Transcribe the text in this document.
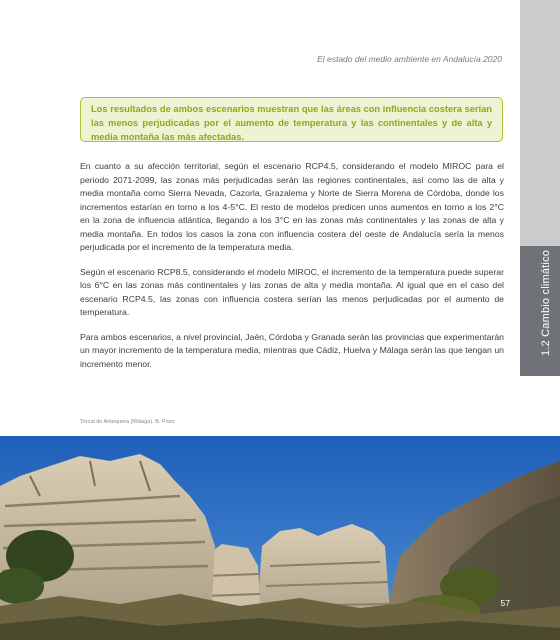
El estado del medio ambiente en Andalucía 2020
1.2 Cambio climático
Los resultados de ambos escenarios muestran que las áreas con influencia costera serían las menos perjudicadas por el aumento de temperatura y las continentales y de alta y media montaña las más afectadas.

En cuanto a su afección territorial, según el escenario RCP4.5, considerando el modelo MIROC para el periodo 2071-2099, las zonas más perjudicadas serán las regiones continentales, así como las de alta y media montaña como Sierra Nevada, Cazorla, Grazalema y Norte de Sierra Morena de Córdoba, donde los incrementos estarían en torno a los 4-5°C. El resto de modelos predicen unos aumentos en torno a los 2°C en la zona de influencia atlántica, llegando a los 3°C en las zonas más continentales y las zonas de alta y media montaña. En todos los casos la zona con influencia costera del oeste de Andalucía sería la menos perjudicada por el incremento de la temperatura media.

Según el escenario RCP8.5, considerando el modelo MIROC, el incremento de la temperatura puede superar los 6°C en las zonas más continentales y las zonas de alta y media montaña. Al igual que en el caso del escenario RCP4.5, las zonas con influencia costera serían las menos perjudicadas por el aumento de temperatura.

Para ambos escenarios, a nivel provincial, Jaén, Córdoba y Granada serán las provincias que experimentarán un mayor incremento de la temperatura media, mientras que Cádiz, Huelva y Málaga serán las que tengan un incremento menor.

Torcal de Antequera (Málaga). B. Pozo
57
